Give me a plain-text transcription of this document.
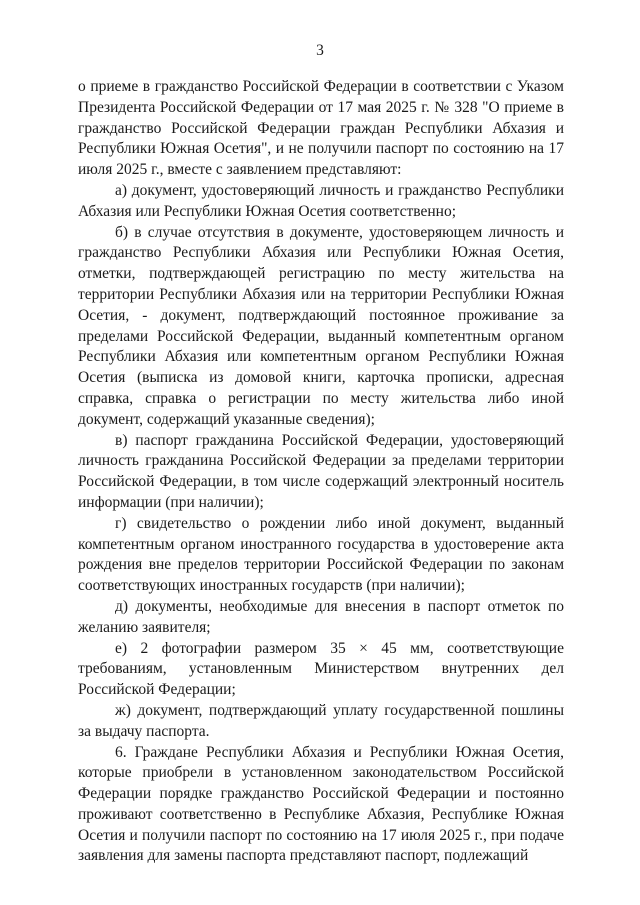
3

о приеме в гражданство Российской Федерации в соответствии с Указом Президента Российской Федерации от 17 мая 2025 г. № 328 "О приеме в гражданство Российской Федерации граждан Республики Абхазия и Республики Южная Осетия", и не получили паспорт по состоянию на 17 июля 2025 г., вместе с заявлением представляют:

а) документ, удостоверяющий личность и гражданство Республики Абхазия или Республики Южная Осетия соответственно;

б) в случае отсутствия в документе, удостоверяющем личность и гражданство Республики Абхазия или Республики Южная Осетия, отметки, подтверждающей регистрацию по месту жительства на территории Республики Абхазия или на территории Республики Южная Осетия, - документ, подтверждающий постоянное проживание за пределами Российской Федерации, выданный компетентным органом Республики Абхазия или компетентным органом Республики Южная Осетия (выписка из домовой книги, карточка прописки, адресная справка, справка о регистрации по месту жительства либо иной документ, содержащий указанные сведения);

в) паспорт гражданина Российской Федерации, удостоверяющий личность гражданина Российской Федерации за пределами территории Российской Федерации, в том числе содержащий электронный носитель информации (при наличии);

г) свидетельство о рождении либо иной документ, выданный компетентным органом иностранного государства в удостоверение акта рождения вне пределов территории Российской Федерации по законам соответствующих иностранных государств (при наличии);

д) документы, необходимые для внесения в паспорт отметок по желанию заявителя;

е) 2 фотографии размером 35 × 45 мм, соответствующие требованиям, установленным Министерством внутренних дел Российской Федерации;

ж) документ, подтверждающий уплату государственной пошлины за выдачу паспорта.

6. Граждане Республики Абхазия и Республики Южная Осетия, которые приобрели в установленном законодательством Российской Федерации порядке гражданство Российской Федерации и постоянно проживают соответственно в Республике Абхазия, Республике Южная Осетия и получили паспорт по состоянию на 17 июля 2025 г., при подаче заявления для замены паспорта представляют паспорт, подлежащий
